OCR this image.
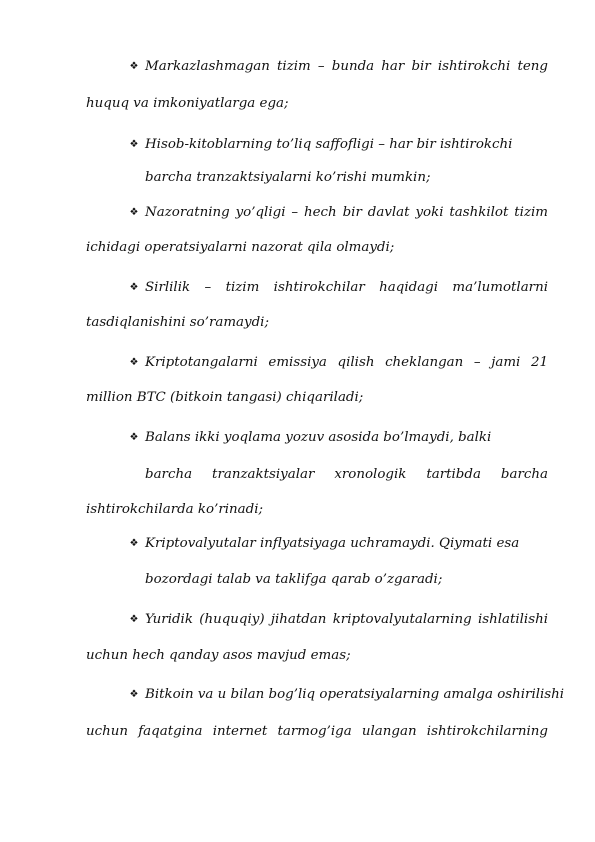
❖ Markazlashmagan tizim – bunda har bir ishtirokchi teng
huquq va imkoniyatlarga ega;
❖ Hisob-kitoblarning to’liq saffofligi – har bir ishtirokchi
barcha tranzaktsiyalarni ko’rishi mumkin;
❖ Nazoratning yo’qligi – hech bir davlat yoki tashkilot tizim
ichidagi operatsiyalarni nazorat qila olmaydi;
❖ Sirlilik – tizim ishtirokchilar haqidagi ma’lumotlarni
tasdiqlanishini so’ramaydi;
❖ Kriptotangalarni emissiya qilish cheklangan – jami 21
million BTC (bitkoin tangasi) chiqariladi;
❖ Balans ikki yoqlama yozuv asosida bo’lmaydi, balki
barcha tranzaktsiyalar xronologik tartibda barcha
ishtirokchilarda ko’rinadi;
❖ Kriptovalyutalar inflyatsiyaga uchramaydi. Qiymati esa
bozordagi talab va taklifga qarab o’zgaradi;
❖ Yuridik (huquqiy) jihatdan kriptovalyutalarning ishlatilishi
uchun hech qanday asos mavjud emas;
❖ Bitkoin va u bilan bog’liq operatsiyalarning amalga oshirilishi
uchun faqatgina internet tarmog’iga ulangan ishtirokchilarning
